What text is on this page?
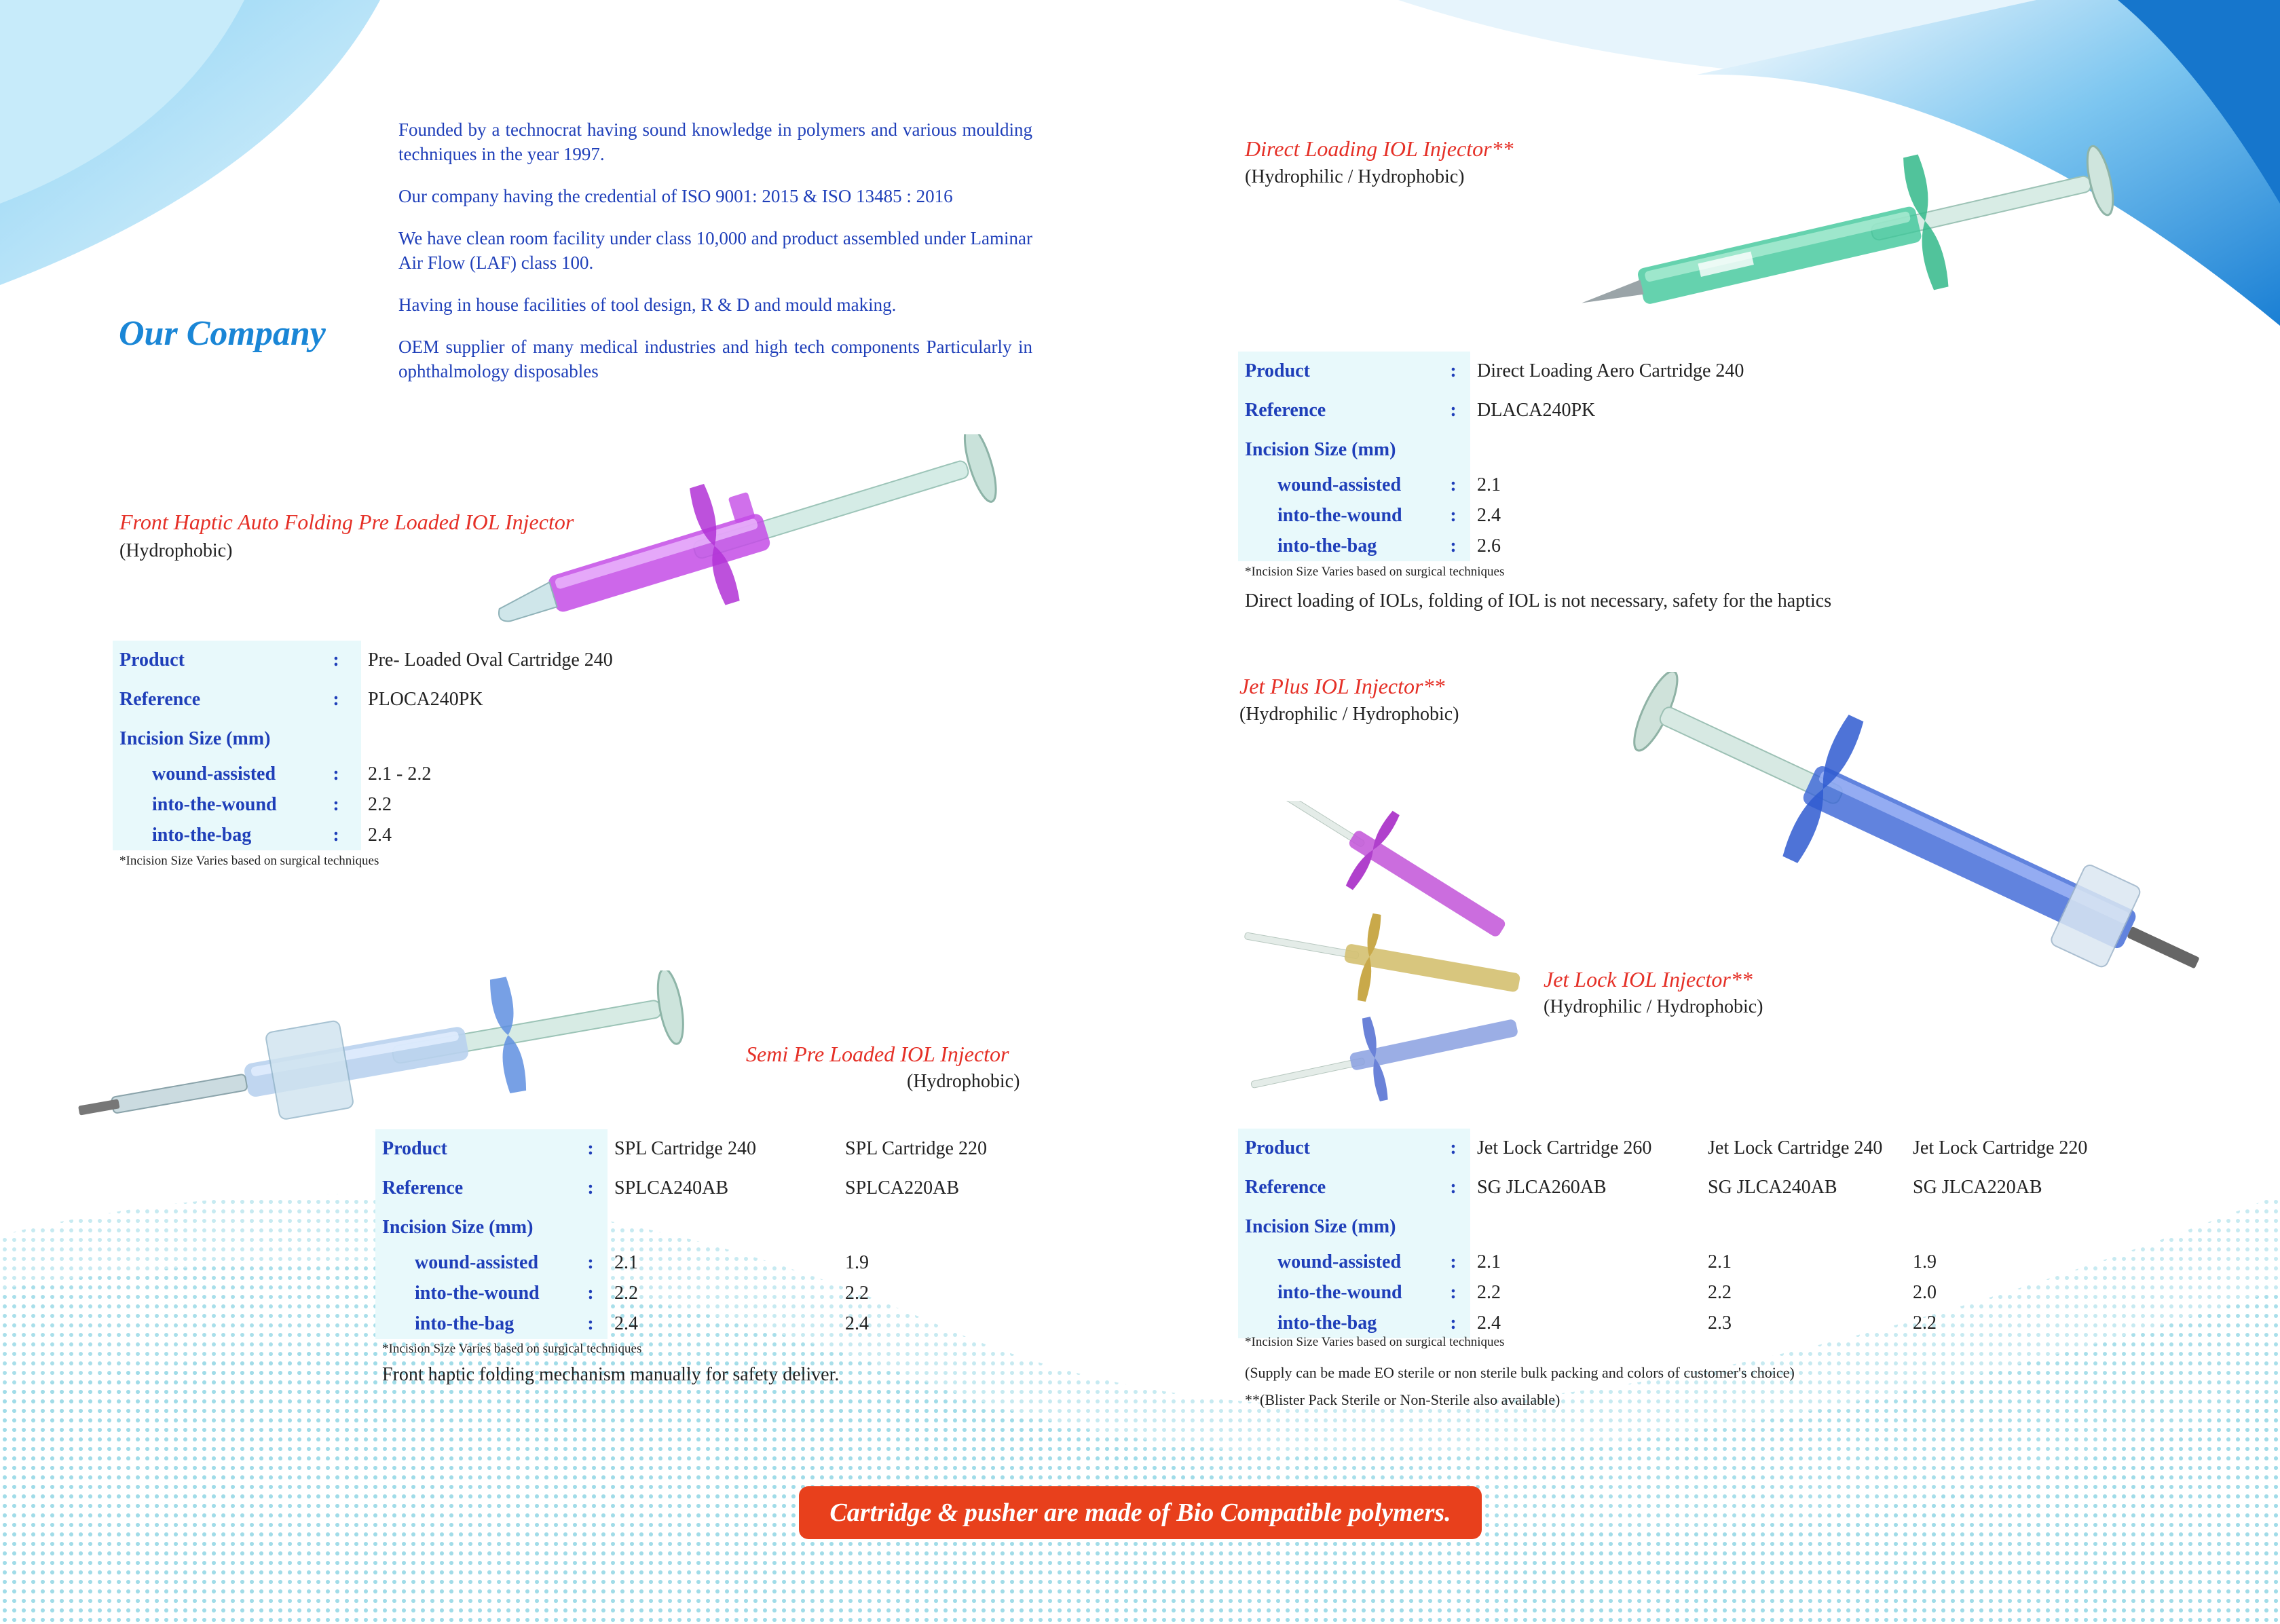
Our Company

Founded by a technocrat having sound knowledge in polymers and various moulding techniques in the year 1997.

Our company having the credential of ISO 9001: 2015 & ISO 13485 : 2016

We have clean room facility under class 10,000 and product assembled under Laminar Air Flow (LAF) class 100.

Having in house facilities of tool design, R & D and mould making.

OEM supplier of many medical industries and high tech components Particularly in ophthalmology disposables

Front Haptic Auto Folding Pre Loaded IOL Injector
(Hydrophobic)
Product	:	Pre- Loaded Oval Cartridge 240
Reference	:	PLOCA240PK
Incision Size (mm)		
wound-assisted	:	2.1 - 2.2
into-the-wound	:	2.2
into-the-bag	:	2.4
*Incision Size Varies based on surgical techniques
Semi Pre Loaded IOL Injector
(Hydrophobic)
Product	:	SPL Cartridge 240	SPL Cartridge 220
Reference	:	SPLCA240AB	SPLCA220AB
Incision Size (mm)			
wound-assisted	:	2.1	1.9
into-the-wound	:	2.2	2.2
into-the-bag	:	2.4	2.4
*Incision Size Varies based on surgical techniques
Front haptic folding mechanism manually for safety deliver.
Direct Loading IOL Injector**
(Hydrophilic / Hydrophobic)
Product	:	Direct Loading Aero Cartridge 240
Reference	:	DLACA240PK
Incision Size (mm)		
wound-assisted	:	2.1
into-the-wound	:	2.4
into-the-bag	:	2.6
*Incision Size Varies based on surgical techniques
Direct loading of IOLs, folding of IOL is not necessary, safety for the haptics
Jet Plus IOL Injector**
(Hydrophilic / Hydrophobic)
Jet Lock IOL Injector**
(Hydrophilic / Hydrophobic)
Product	:	Jet Lock Cartridge 260	Jet Lock Cartridge 240	Jet Lock Cartridge 220
Reference	:	SG JLCA260AB	SG JLCA240AB	SG JLCA220AB
Incision Size (mm)				
wound-assisted	:	2.1	2.1	1.9
into-the-wound	:	2.2	2.2	2.0
into-the-bag	:	2.4	2.3	2.2
*Incision Size Varies based on surgical techniques
(Supply can be made EO sterile or non sterile bulk packing and colors of customer's choice)
**(Blister Pack Sterile or Non-Sterile also available)
Cartridge & pusher are made of Bio Compatible polymers.
